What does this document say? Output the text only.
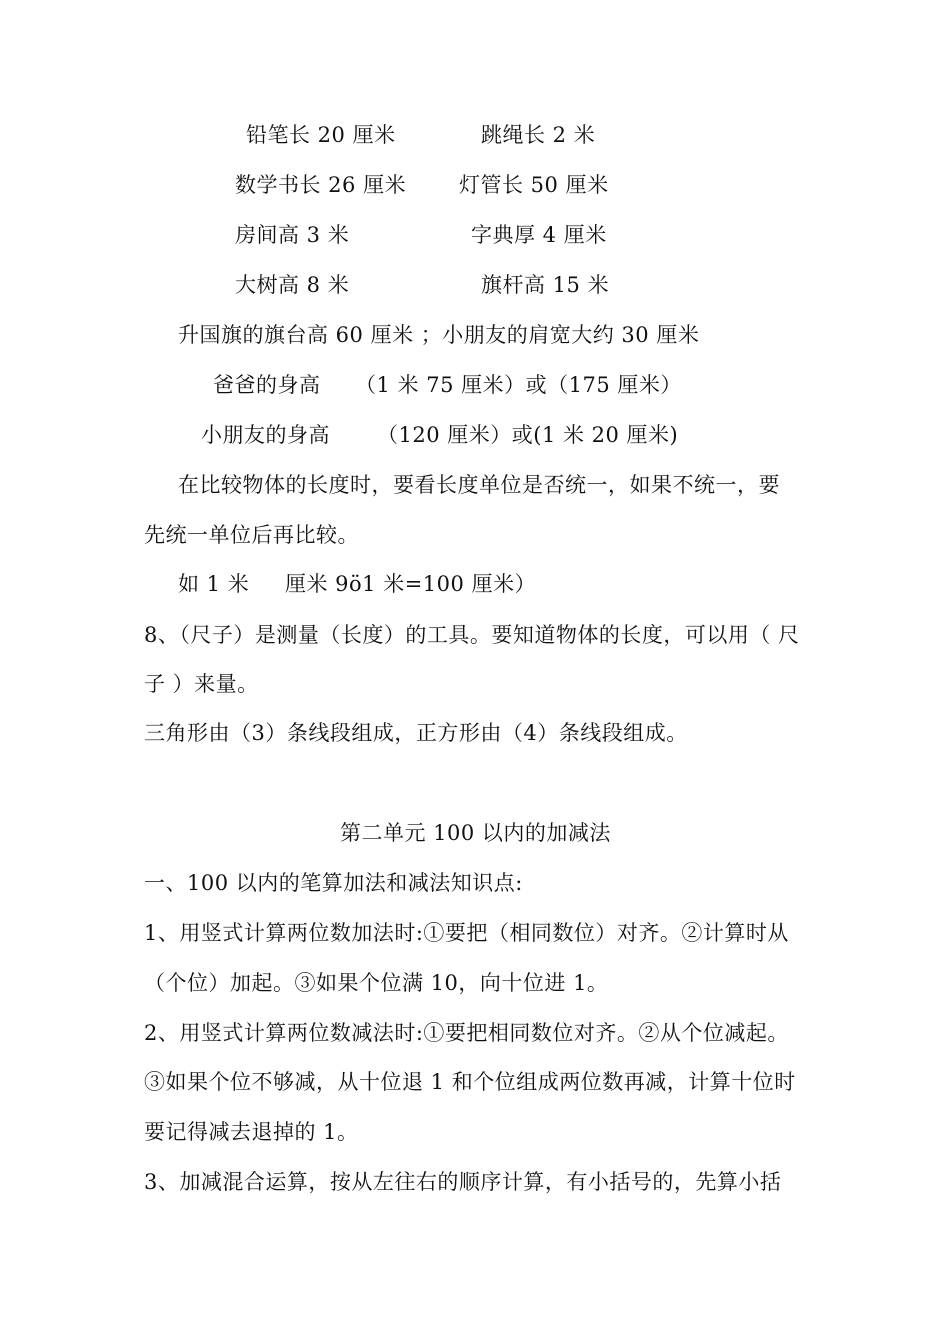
铅笔长 20 厘米	跳绳长 2 米
数学书长 26 厘米	灯管长 50 厘米
房间高 3 米	字典厚 4 厘米
大树高 8 米	旗杆高 15 米
升国旗的旗台高 60 厘米 ；小朋友的肩宽大约 30 厘米
爸爸的身高 （1 米 75 厘米）或（175 厘米）
小朋友的身高 （120 厘米）或(1 米 20 厘米)
在比较物体的长度时，要看长度单位是否统一，如果不统一，要
先统一单位后再比较。
如 1 米 厘米 9ö1 米=100 厘米）
8、（尺子）是测量（长度）的工具。要知道物体的长度，可以用（ 尺
子 ）来量。
三角形由（3）条线段组成，正方形由（4）条线段组成。
第二单元 100 以内的加减法
一、100 以内的笔算加法和减法知识点:
1、用竖式计算两位数加法时:①要把（相同数位）对齐。②计算时从
（个位）加起。③如果个位满 10，向十位进 1。
2、用竖式计算两位数减法时:①要把相同数位对齐。②从个位减起。
③如果个位不够减，从十位退 1 和个位组成两位数再减，计算十位时
要记得减去退掉的 1。
3、加减混合运算，按从左往右的顺序计算，有小括号的，先算小括
